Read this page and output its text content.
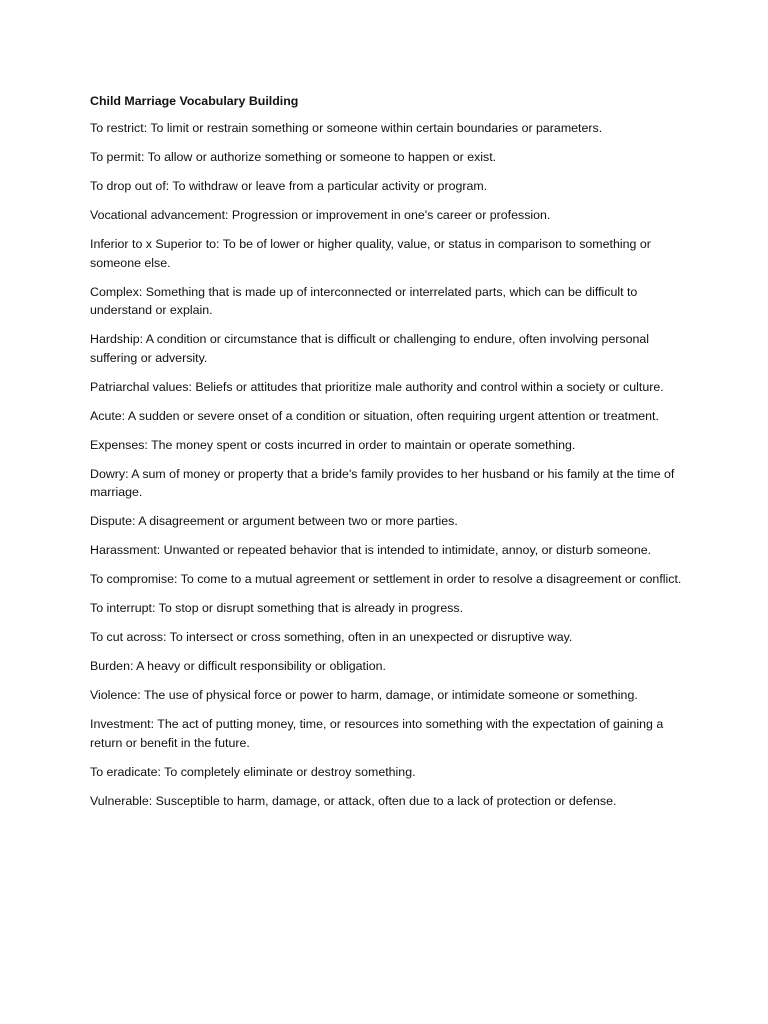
Child Marriage Vocabulary Building

To restrict: To limit or restrain something or someone within certain boundaries or parameters.

To permit: To allow or authorize something or someone to happen or exist.

To drop out of: To withdraw or leave from a particular activity or program.

Vocational advancement: Progression or improvement in one's career or profession.

Inferior to x Superior to: To be of lower or higher quality, value, or status in comparison to something or someone else.

Complex: Something that is made up of interconnected or interrelated parts, which can be difficult to understand or explain.

Hardship: A condition or circumstance that is difficult or challenging to endure, often involving personal suffering or adversity.

Patriarchal values: Beliefs or attitudes that prioritize male authority and control within a society or culture.

Acute: A sudden or severe onset of a condition or situation, often requiring urgent attention or treatment.

Expenses: The money spent or costs incurred in order to maintain or operate something.

Dowry: A sum of money or property that a bride's family provides to her husband or his family at the time of marriage.

Dispute: A disagreement or argument between two or more parties.

Harassment: Unwanted or repeated behavior that is intended to intimidate, annoy, or disturb someone.

To compromise: To come to a mutual agreement or settlement in order to resolve a disagreement or conflict.

To interrupt: To stop or disrupt something that is already in progress.

To cut across: To intersect or cross something, often in an unexpected or disruptive way.

Burden: A heavy or difficult responsibility or obligation.

Violence: The use of physical force or power to harm, damage, or intimidate someone or something.

Investment: The act of putting money, time, or resources into something with the expectation of gaining a return or benefit in the future.

To eradicate: To completely eliminate or destroy something.

Vulnerable: Susceptible to harm, damage, or attack, often due to a lack of protection or defense.
